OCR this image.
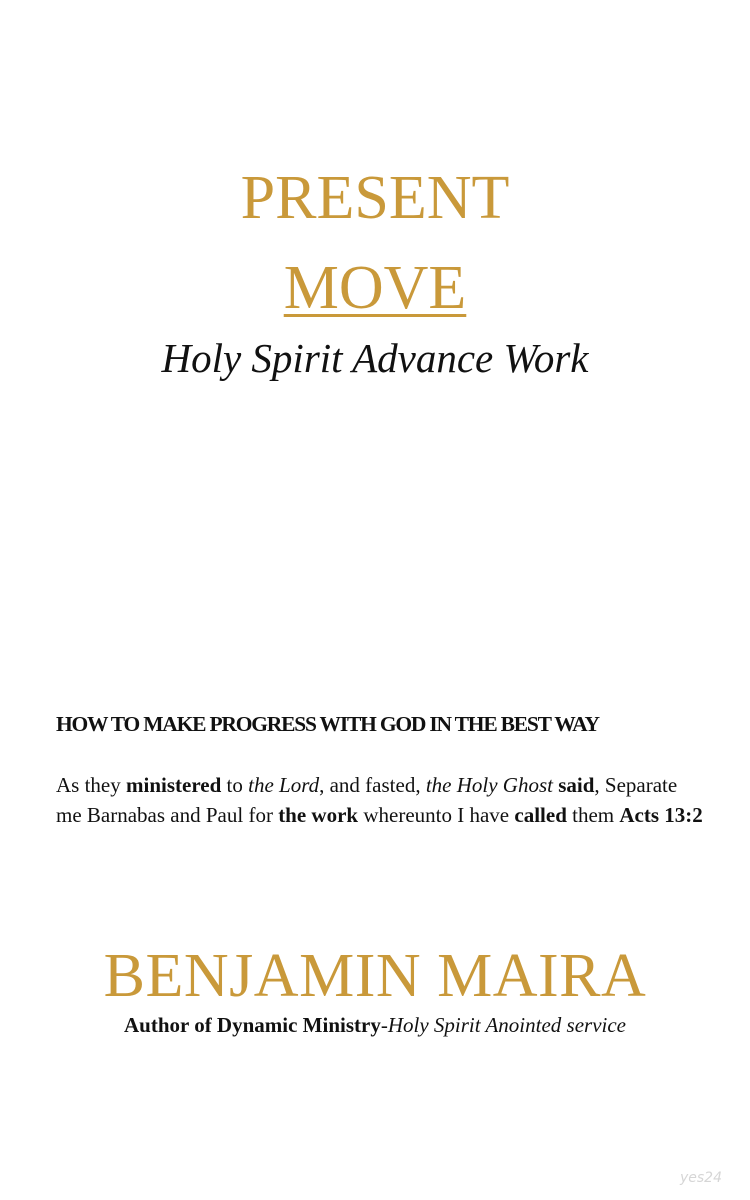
PRESENT
MOVE
Holy Spirit Advance Work
HOW TO MAKE PROGRESS WITH GOD IN THE BEST WAY
As they ministered to the Lord, and fasted, the Holy Ghost said, Separate me Barnabas and Paul for the work whereunto I have called them Acts 13:2
BENJAMIN MAIRA
Author of Dynamic Ministry-Holy Spirit Anointed service
yes24
